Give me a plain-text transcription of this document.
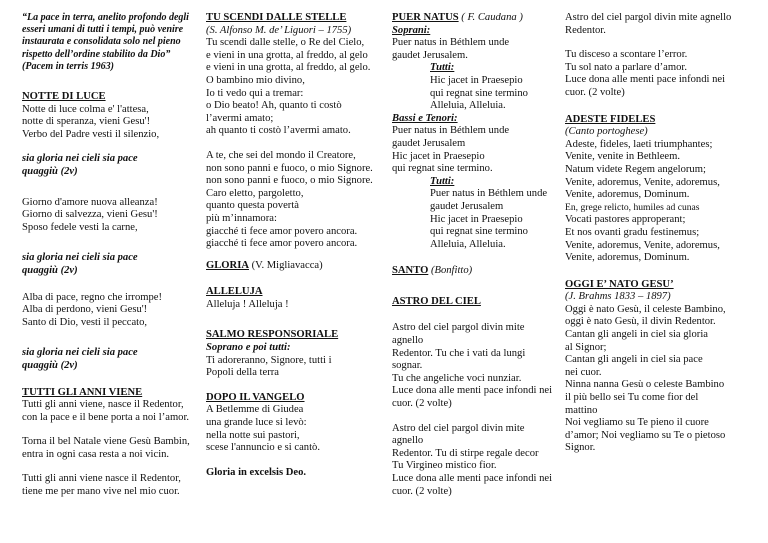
“La pace in terra, anelito profondo degli
esseri umani di tutti i tempi, può venire
instaurata e consolidata solo nel pieno
rispetto dell’ordine stabilito da Dio”
(Pacem in terris 1963)
NOTTE DI LUCE
Notte di luce colma e' l'attesa,
notte di speranza, vieni Gesu'!
Verbo del Padre vesti il silenzio,
sia gloria nei cieli sia pace
quaggiù (2v)
Giorno d'amore nuova alleanza!
Giorno di salvezza, vieni Gesu'!
Sposo fedele vesti la carne,
sia gloria nei cieli sia pace
quaggiù (2v)
Alba di pace, regno che irrompe!
Alba di perdono, vieni Gesu'!
Santo di Dio, vesti il peccato,
sia gloria nei cieli sia pace
quaggiù (2v)
TUTTI GLI ANNI VIENE
Tutti gli anni viene, nasce il Redentor,
con la pace e il bene porta a noi l’amor.
Torna il bel Natale viene Gesù Bambin,
entra in ogni casa resta a noi vicin.
Tutti gli anni viene nasce il Redentor,
tiene me per mano vive nel mio cuor.
TU SCENDI DALLE STELLE
(S. Alfonso M. de’ Liguori – 1755)
Tu scendi dalle stelle, o Re del Cielo,
e vieni in una grotta, al freddo, al gelo
e vieni in una grotta, al freddo, al gelo.
O bambino mio divino,
Io ti vedo qui a tremar:
o Dio beato! Ah, quanto ti costò
l’avermi amato;
ah quanto ti costò l’avermi amato.
A te, che sei del mondo il Creatore,
non sono panni e fuoco, o mio Signore.
non sono panni e fuoco, o mio Signore.
Caro eletto, pargoletto,
quanto questa povertà
più m’innamora:
giacché ti fece amor povero ancora.
giacché ti fece amor povero ancora.
GLORIA (V. Migliavacca)
ALLELUJA
Alleluja ! Alleluja !
SALMO RESPONSORIALE
Soprano e poi tutti:
Ti adoreranno, Signore, tutti i
Popoli della terra
DOPO IL VANGELO
A Betlemme di Giudea
una grande luce si levò:
nella notte sui pastori,
scese l'annuncio e si cantò.
Gloria in excelsis Deo.
PUER NATUS ( F. Caudana )
Soprani:
Puer natus in Béthlem unde
gaudet Jerusalem.
Tutti:
Hic jacet in Praesepio
qui regnat sine termino
Alleluia, Alleluia.
Bassi e Tenori:
Puer natus in Béthlem unde
gaudet Jerusalem
Hic jacet in Praesepio
qui regnat sine termino.
Tutti:
Puer natus in Béthlem unde
gaudet Jerusalem
Hic jacet in Praesepio
qui regnat sine termino
Alleluia, Alleluia.
SANTO (Bonfitto)
ASTRO DEL CIEL
Astro del ciel pargol divin mite
agnello
Redentor. Tu che i vati da lungi
sognar.
Tu che angeliche voci nunziar.
Luce dona alle menti pace infondi nei
cuor. (2 volte)
Astro del ciel pargol divin mite
agnello
Redentor. Tu di stirpe regale decor
Tu Virgineo mistico fior.
Luce dona alle menti pace infondi nei
cuor. (2 volte)
Astro del ciel pargol divin mite agnello
Redentor.
Tu disceso a scontare l’error.
Tu sol nato a parlare d’amor.
Luce dona alle menti pace infondi nei
cuor. (2 volte)
ADESTE FIDELES
(Canto portoghese)
Adeste, fideles, laeti triumphantes;
Venite, venite in Bethleem.
Natum videte Regem angelorum;
Venite, adoremus, Venite, adoremus,
Venite, adoremus, Dominum.
En, grege relicto, humiles ad cunas
Vocati pastores approperant;
Et nos ovanti gradu festinemus;
Venite, adoremus, Venite, adoremus,
Venite, adoremus, Dominum.
OGGI E’ NATO GESU’
(J. Brahms 1833 – 1897)
Oggi è nato Gesù, il celeste Bambino,
oggi è nato Gesù, il divin Redentor.
Cantan gli angeli in ciel sia gloria
al Signor;
Cantan gli angeli in ciel sia pace
nei cuor.
Ninna nanna Gesù o celeste Bambino
il più bello sei Tu come fior del
mattino
Noi vegliamo su Te pieno il cuore
d’amor; Noi vegliamo su Te o pietoso
Signor.
